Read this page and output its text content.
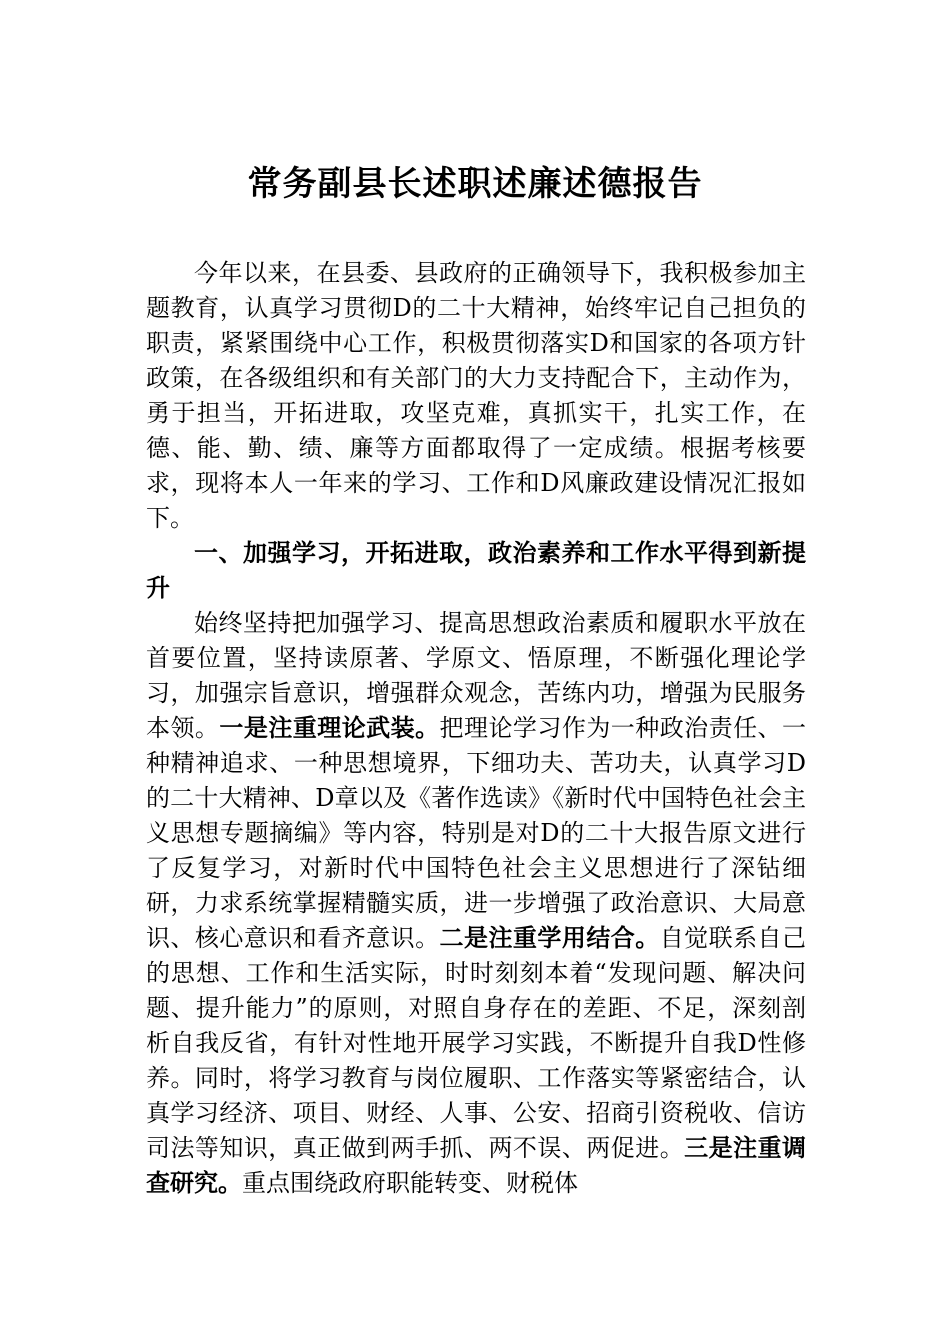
常务副县长述职述廉述德报告

今年以来，在县委、县政府的正确领导下，我积极参加主题教育，认真学习贯彻D的二十大精神，始终牢记自己担负的职责，紧紧围绕中心工作，积极贯彻落实D和国家的各项方针政策，在各级组织和有关部门的大力支持配合下，主动作为，勇于担当，开拓进取，攻坚克难，真抓实干，扎实工作，在德、能、勤、绩、廉等方面都取得了一定成绩。根据考核要求，现将本人一年来的学习、工作和D风廉政建设情况汇报如下。

一、加强学习，开拓进取，政治素养和工作水平得到新提升

始终坚持把加强学习、提高思想政治素质和履职水平放在首要位置，坚持读原著、学原文、悟原理，不断强化理论学习，加强宗旨意识，增强群众观念，苦练内功，增强为民服务本领。一是注重理论武装。把理论学习作为一种政治责任、一种精神追求、一种思想境界，下细功夫、苦功夫，认真学习D的二十大精神、D章以及《著作选读》《新时代中国特色社会主义思想专题摘编》等内容，特别是对D的二十大报告原文进行了反复学习，对新时代中国特色社会主义思想进行了深钻细研，力求系统掌握精髓实质，进一步增强了政治意识、大局意识、核心意识和看齐意识。二是注重学用结合。自觉联系自己的思想、工作和生活实际，时时刻刻本着“发现问题、解决问题、提升能力”的原则，对照自身存在的差距、不足，深刻剖析自我反省，有针对性地开展学习实践，不断提升自我D性修养。同时，将学习教育与岗位履职、工作落实等紧密结合，认真学习经济、项目、财经、人事、公安、招商引资税收、信访司法等知识，真正做到两手抓、两不误、两促进。三是注重调查研究。重点围绕政府职能转变、财税体
